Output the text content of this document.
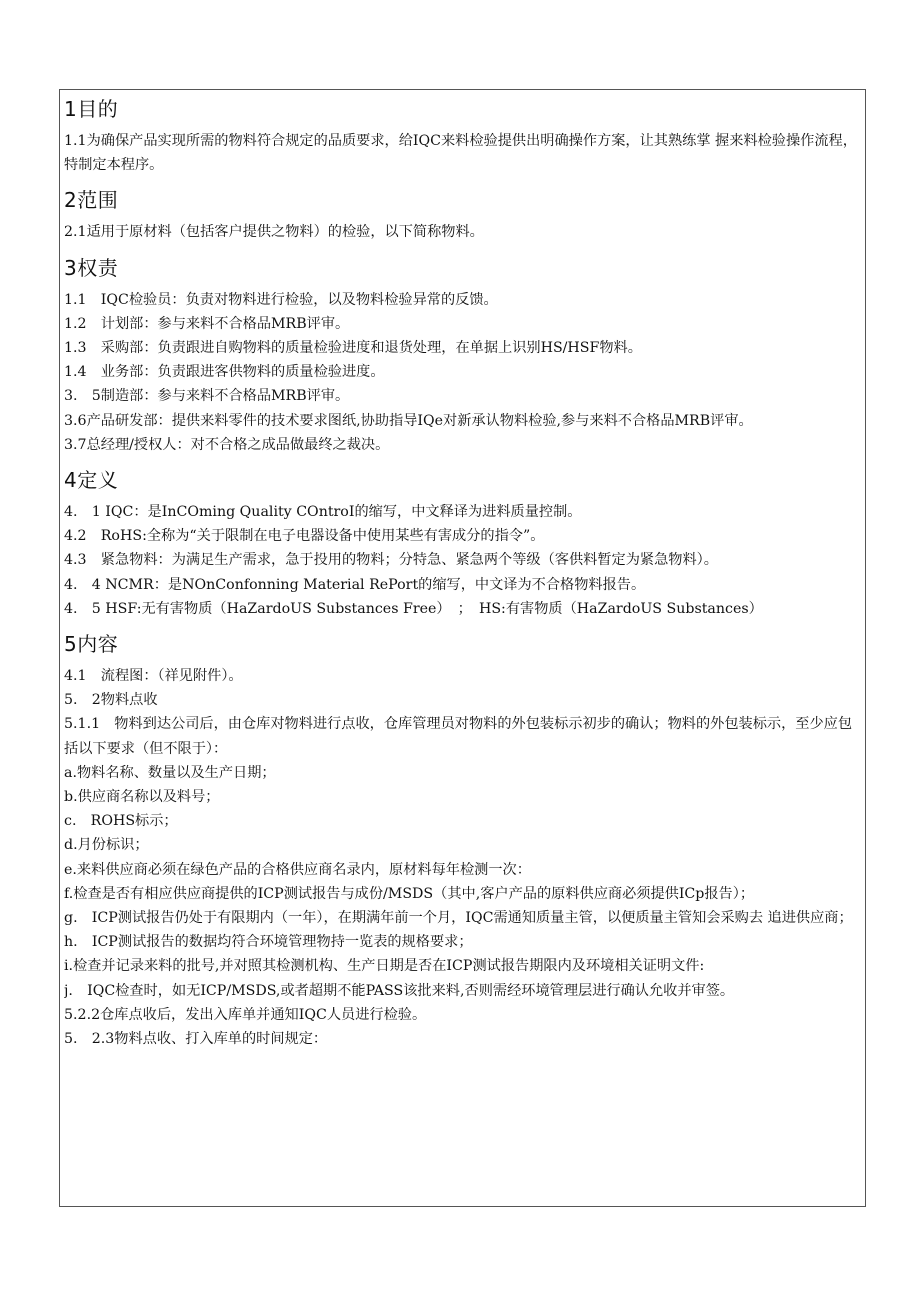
1目的
1.1为确保产品实现所需的物料符合规定的品质要求，给IQC来料检验提供出明确操作方案，让其熟练掌 握来料检验操作流程，特制定本程序。
2范围
2.1适用于原材料（包括客户提供之物料）的检验，以下简称物料。
3权责
1.1　IQC检验员：负责对物料进行检验，以及物料检验异常的反馈。
1.2　计划部：参与来料不合格品MRB评审。
1.3　采购部：负责跟进自购物料的质量检验进度和退货处理，在单据上识别HS/HSF物料。
1.4　业务部：负责跟进客供物料的质量检验进度。
3.　5制造部：参与来料不合格品MRB评审。
3.6产品研发部：提供来料零件的技术要求图纸,协助指导IQe对新承认物料检验,参与来料不合格品MRB评审。
3.7总经理/授权人：对不合格之成品做最终之裁决。
4定义
4.　1 IQC：是InCOming Quality COntroI的缩写，中文释译为进料质量控制。
4.2　RoHS:全称为“关于限制在电子电器设备中使用某些有害成分的指令”。
4.3　紧急物料：为满足生产需求，急于投用的物料；分特急、紧急两个等级（客供料暂定为紧急物料）。
4.　4 NCMR：是NOnConfonning Material RePort的缩写，中文译为不合格物料报告。
4.　5 HSF:无有害物质（HaZardoUS Substances Free）　；　HS:有害物质（HaZardoUS Substances）
5内容
4.1　流程图：（祥见附件）。
5.　2物料点收
5.1.1　物料到达公司后，由仓库对物料进行点收，仓库管理员对物料的外包装标示初步的确认；物料的外包装标示，至少应包括以下要求（但不限于）：
a.物料名称、数量以及生产日期；
b.供应商名称以及料号；
c.　ROHS标示；
d.月份标识；
e.来料供应商必须在绿色产品的合格供应商名录内，原材料每年检测一次：
f.检查是否有相应供应商提供的ICP测试报告与成份/MSDS（其中,客户产品的原料供应商必须提供ICp报告）；
g.　ICP测试报告仍处于有限期内（一年），在期满年前一个月，IQC需通知质量主管，以便质量主管知会采购去 追进供应商；
h.　ICP测试报告的数据均符合环境管理物持一览表的规格要求；
i.检查并记录来料的批号,并对照其检测机构、生产日期是否在ICP测试报告期限内及环境相关证明文件:
j.　IQC检查时，如无ICP/MSDS,或者超期不能PASS该批来料,否则需经环境管理层进行确认允收并审签。
5.2.2仓库点收后，发出入库单并通知IQC人员进行检验。
5.　2.3物料点收、打入库单的时间规定：
